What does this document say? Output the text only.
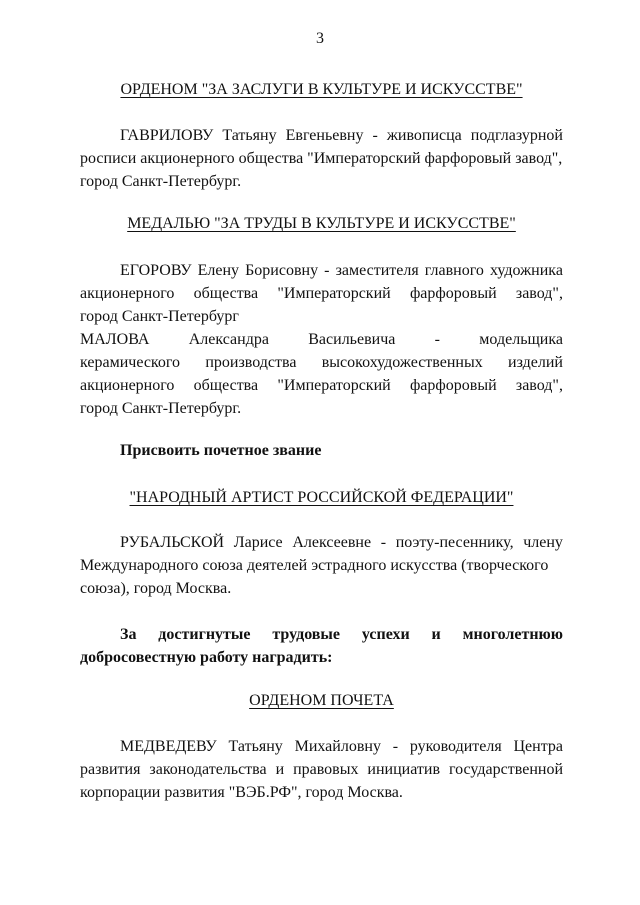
3
ОРДЕНОМ "ЗА ЗАСЛУГИ В КУЛЬТУРЕ И ИСКУССТВЕ"
ГАВРИЛОВУ Татьяну Евгеньевну - живописца подглазурной
росписи акционерного общества "Императорский фарфоровый завод",
город Санкт-Петербург.
МЕДАЛЬЮ "ЗА ТРУДЫ В КУЛЬТУРЕ И ИСКУССТВЕ"
ЕГОРОВУ Елену Борисовну - заместителя главного художника
акционерного общества "Императорский фарфоровый завод",
город Санкт-Петербург
МАЛОВА Александра Васильевича - модельщика
керамического производства высокохудожественных изделий
акционерного общества "Императорский фарфоровый завод",
город Санкт-Петербург.
Присвоить почетное звание
"НАРОДНЫЙ АРТИСТ РОССИЙСКОЙ ФЕДЕРАЦИИ"
РУБАЛЬСКОЙ Ларисе Алексеевне - поэту-песеннику, члену
Международного союза деятелей эстрадного искусства (творческого
союза), город Москва.
За достигнутые трудовые успехи и многолетнюю
добросовестную работу наградить:
ОРДЕНОМ ПОЧЕТА
МЕДВЕДЕВУ Татьяну Михайловну - руководителя Центра
развития законодательства и правовых инициатив государственной
корпорации развития "ВЭБ.РФ", город Москва.
